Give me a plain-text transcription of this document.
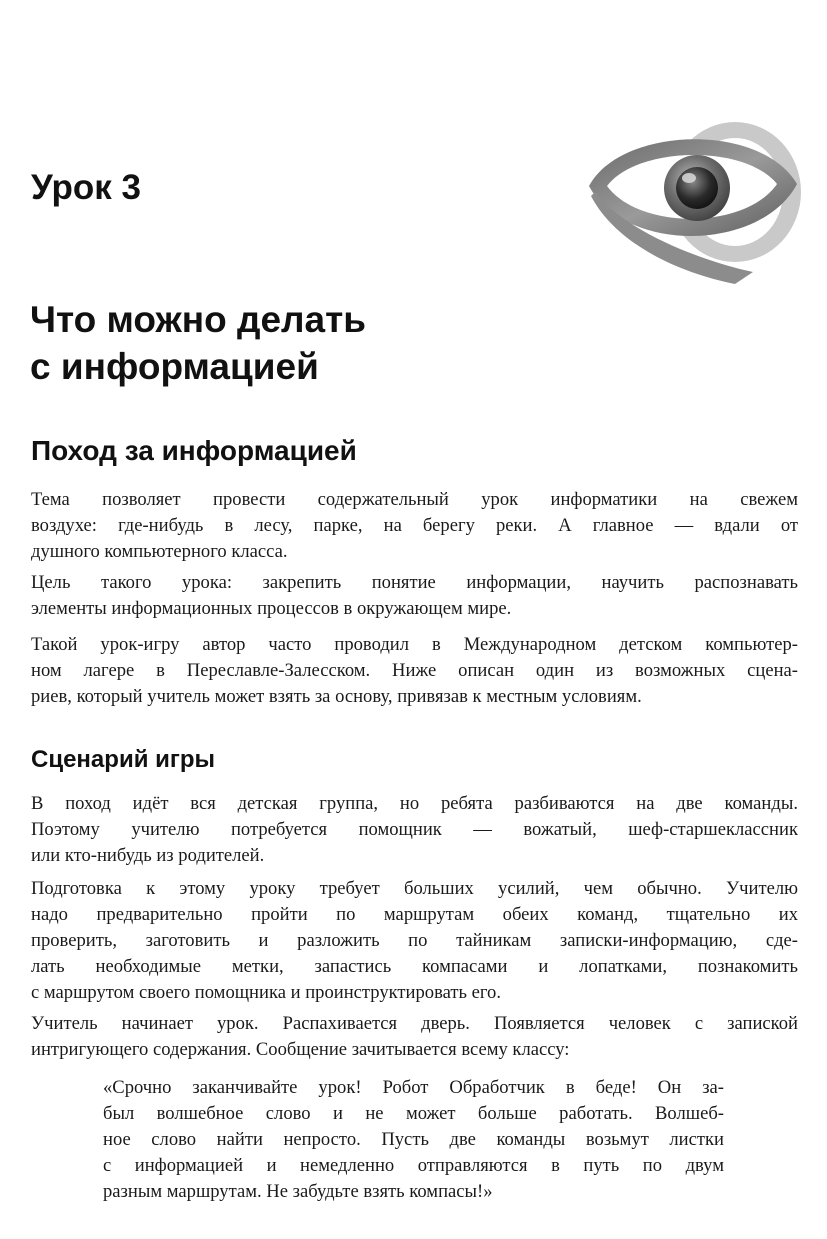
Урок 3
Что можно делать
с информацией
Поход за информацией

Тема позволяет провести содержательный урок информатики на свежем
воздухе: где-нибудь в лесу, парке, на берегу реки. А главное — вдали от
душного компьютерного класса.

Цель такого урока: закрепить понятие информации, научить распознавать
элементы информационных процессов в окружающем мире.

Такой урок-игру автор часто проводил в Международном детском компьютер-
ном лагере в Переславле-Залесском. Ниже описан один из возможных сцена-
риев, который учитель может взять за основу, привязав к местным условиям.

Сценарий игры

В поход идёт вся детская группа, но ребята разбиваются на две команды.
Поэтому учителю потребуется помощник — вожатый, шеф-старшеклассник
или кто-нибудь из родителей.

Подготовка к этому уроку требует больших усилий, чем обычно. Учителю
надо предварительно пройти по маршрутам обеих команд, тщательно их
проверить, заготовить и разложить по тайникам записки-информацию, сде-
лать необходимые метки, запастись компасами и лопатками, познакомить
с маршрутом своего помощника и проинструктировать его.

Учитель начинает урок. Распахивается дверь. Появляется человек с запиской
интригующего содержания. Сообщение зачитывается всему классу:

«Срочно заканчивайте урок! Робот Обработчик в беде! Он за-
был волшебное слово и не может больше работать. Волшеб-
ное слово найти непросто. Пусть две команды возьмут листки
с информацией и немедленно отправляются в путь по двум
разным маршрутам. Не забудьте взять компасы!»
